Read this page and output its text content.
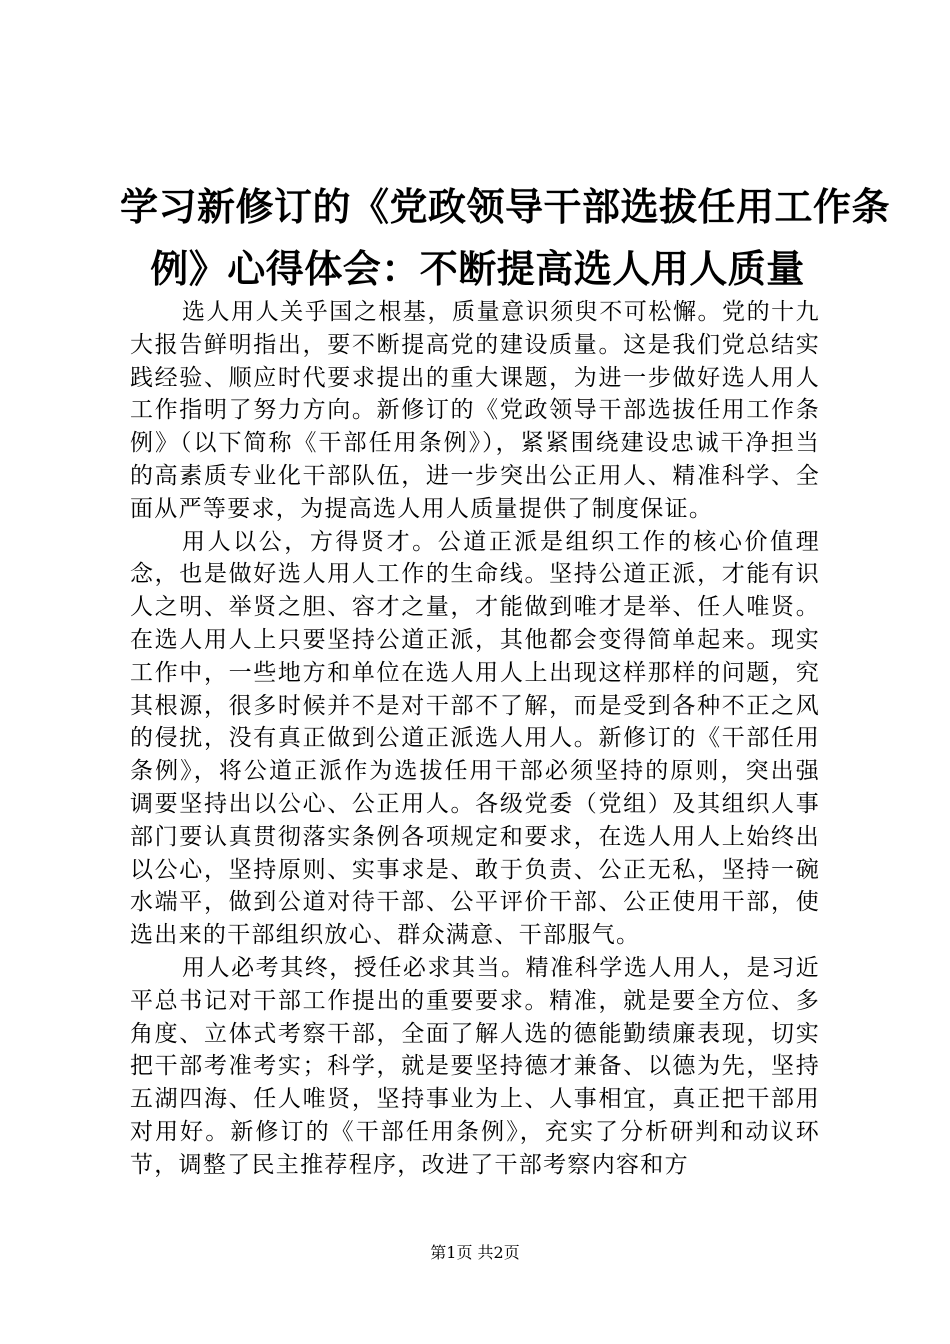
学习新修订的《党政领导干部选拔任用工作条
例》心得体会：不断提高选人用人质量

选人用人关乎国之根基，质量意识须臾不可松懈。党的十九大报告鲜明指出，要不断提高党的建设质量。这是我们党总结实践经验、顺应时代要求提出的重大课题，为进一步做好选人用人工作指明了努力方向。新修订的《党政领导干部选拔任用工作条例》（以下简称《干部任用条例》），紧紧围绕建设忠诚干净担当的高素质专业化干部队伍，进一步突出公正用人、精准科学、全面从严等要求，为提高选人用人质量提供了制度保证。

用人以公，方得贤才。公道正派是组织工作的核心价值理念，也是做好选人用人工作的生命线。坚持公道正派，才能有识人之明、举贤之胆、容才之量，才能做到唯才是举、任人唯贤。在选人用人上只要坚持公道正派，其他都会变得简单起来。现实工作中，一些地方和单位在选人用人上出现这样那样的问题，究其根源，很多时候并不是对干部不了解，而是受到各种不正之风的侵扰，没有真正做到公道正派选人用人。新修订的《干部任用条例》，将公道正派作为选拔任用干部必须坚持的原则，突出强调要坚持出以公心、公正用人。各级党委（党组）及其组织人事部门要认真贯彻落实条例各项规定和要求，在选人用人上始终出以公心，坚持原则、实事求是、敢于负责、公正无私，坚持一碗水端平，做到公道对待干部、公平评价干部、公正使用干部，使选出来的干部组织放心、群众满意、干部服气。

用人必考其终，授任必求其当。精准科学选人用人，是习近平总书记对干部工作提出的重要要求。精准，就是要全方位、多角度、立体式考察干部，全面了解人选的德能勤绩廉表现，切实把干部考准考实；科学，就是要坚持德才兼备、以德为先，坚持五湖四海、任人唯贤，坚持事业为上、人事相宜，真正把干部用对用好。新修订的《干部任用条例》，充实了分析研判和动议环节，调整了民主推荐程序，改进了干部考察内容和方

第1页 共2页
